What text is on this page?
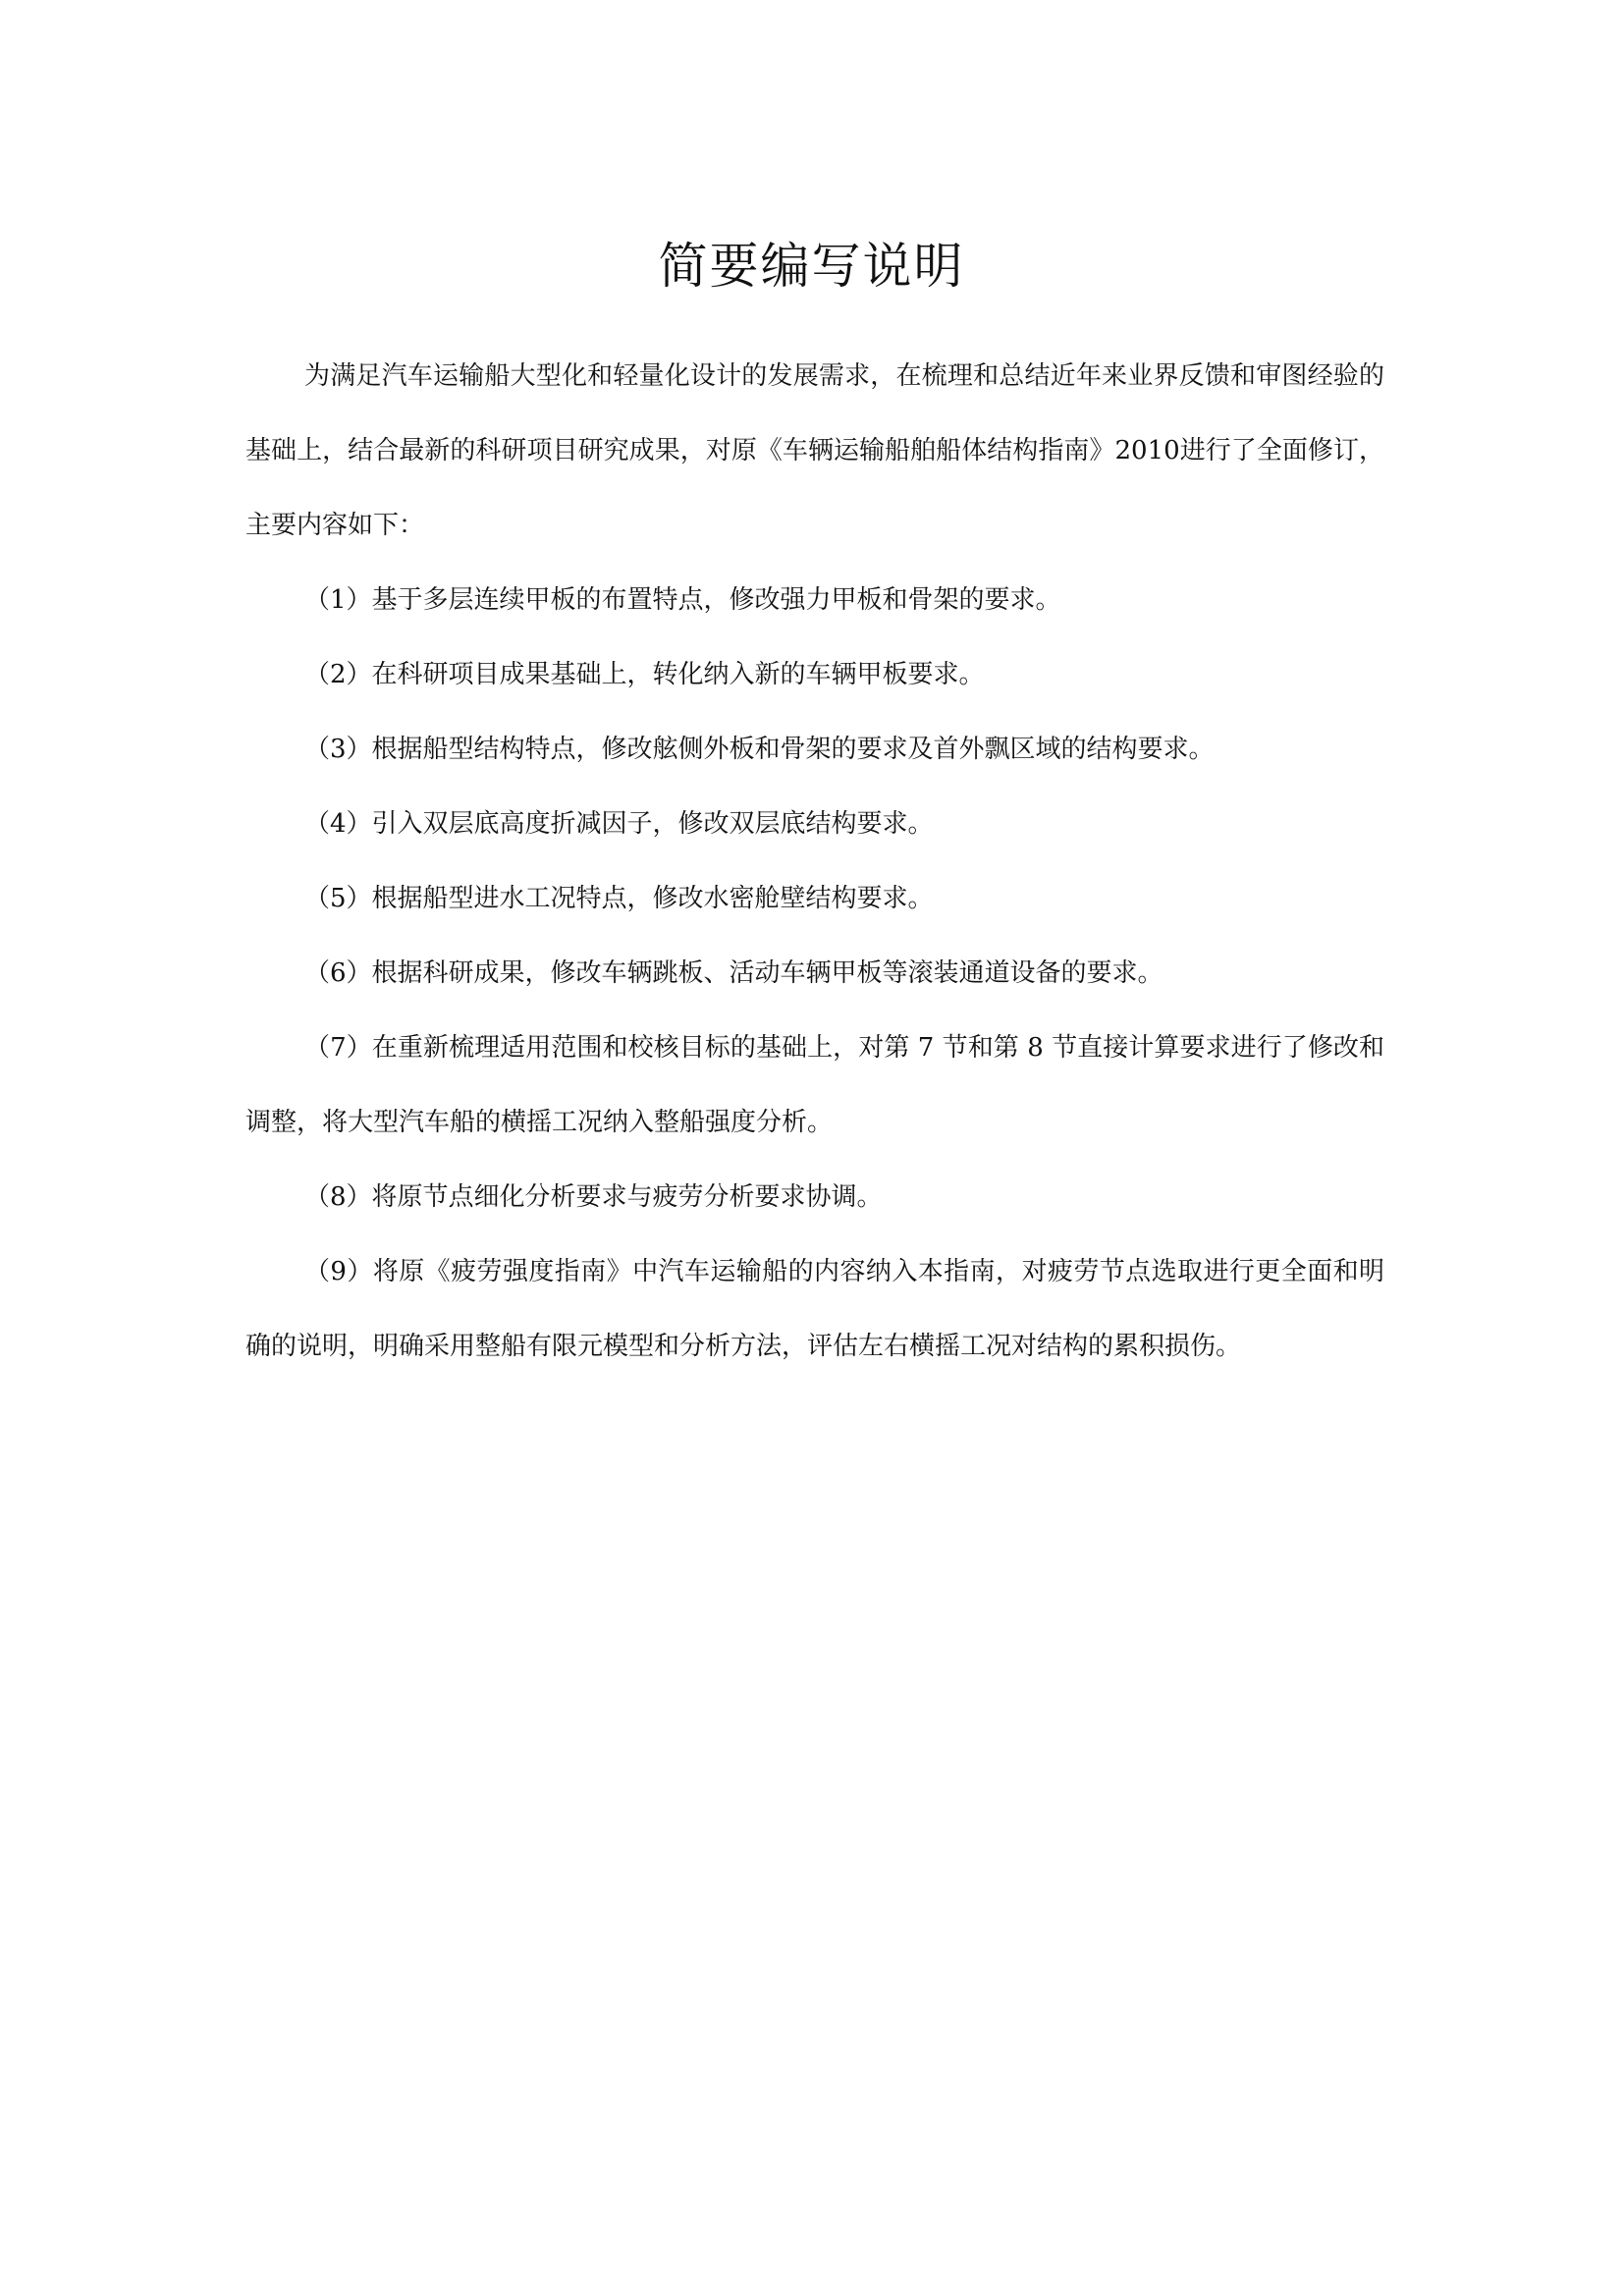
简要编写说明

为满足汽车运输船大型化和轻量化设计的发展需求，在梳理和总结近年来业界反馈和审图经验的基础上，结合最新的科研项目研究成果，对原《车辆运输船舶船体结构指南》2010进行了全面修订，主要内容如下：

（1）基于多层连续甲板的布置特点，修改强力甲板和骨架的要求。

（2）在科研项目成果基础上，转化纳入新的车辆甲板要求。

（3）根据船型结构特点，修改舷侧外板和骨架的要求及首外飘区域的结构要求。

（4）引入双层底高度折减因子，修改双层底结构要求。

（5）根据船型进水工况特点，修改水密舱壁结构要求。

（6）根据科研成果，修改车辆跳板、活动车辆甲板等滚装通道设备的要求。

（7）在重新梳理适用范围和校核目标的基础上，对第 7 节和第 8 节直接计算要求进行了修改和调整，将大型汽车船的横摇工况纳入整船强度分析。

（8）将原节点细化分析要求与疲劳分析要求协调。

（9）将原《疲劳强度指南》中汽车运输船的内容纳入本指南，对疲劳节点选取进行更全面和明确的说明，明确采用整船有限元模型和分析方法，评估左右横摇工况对结构的累积损伤。
